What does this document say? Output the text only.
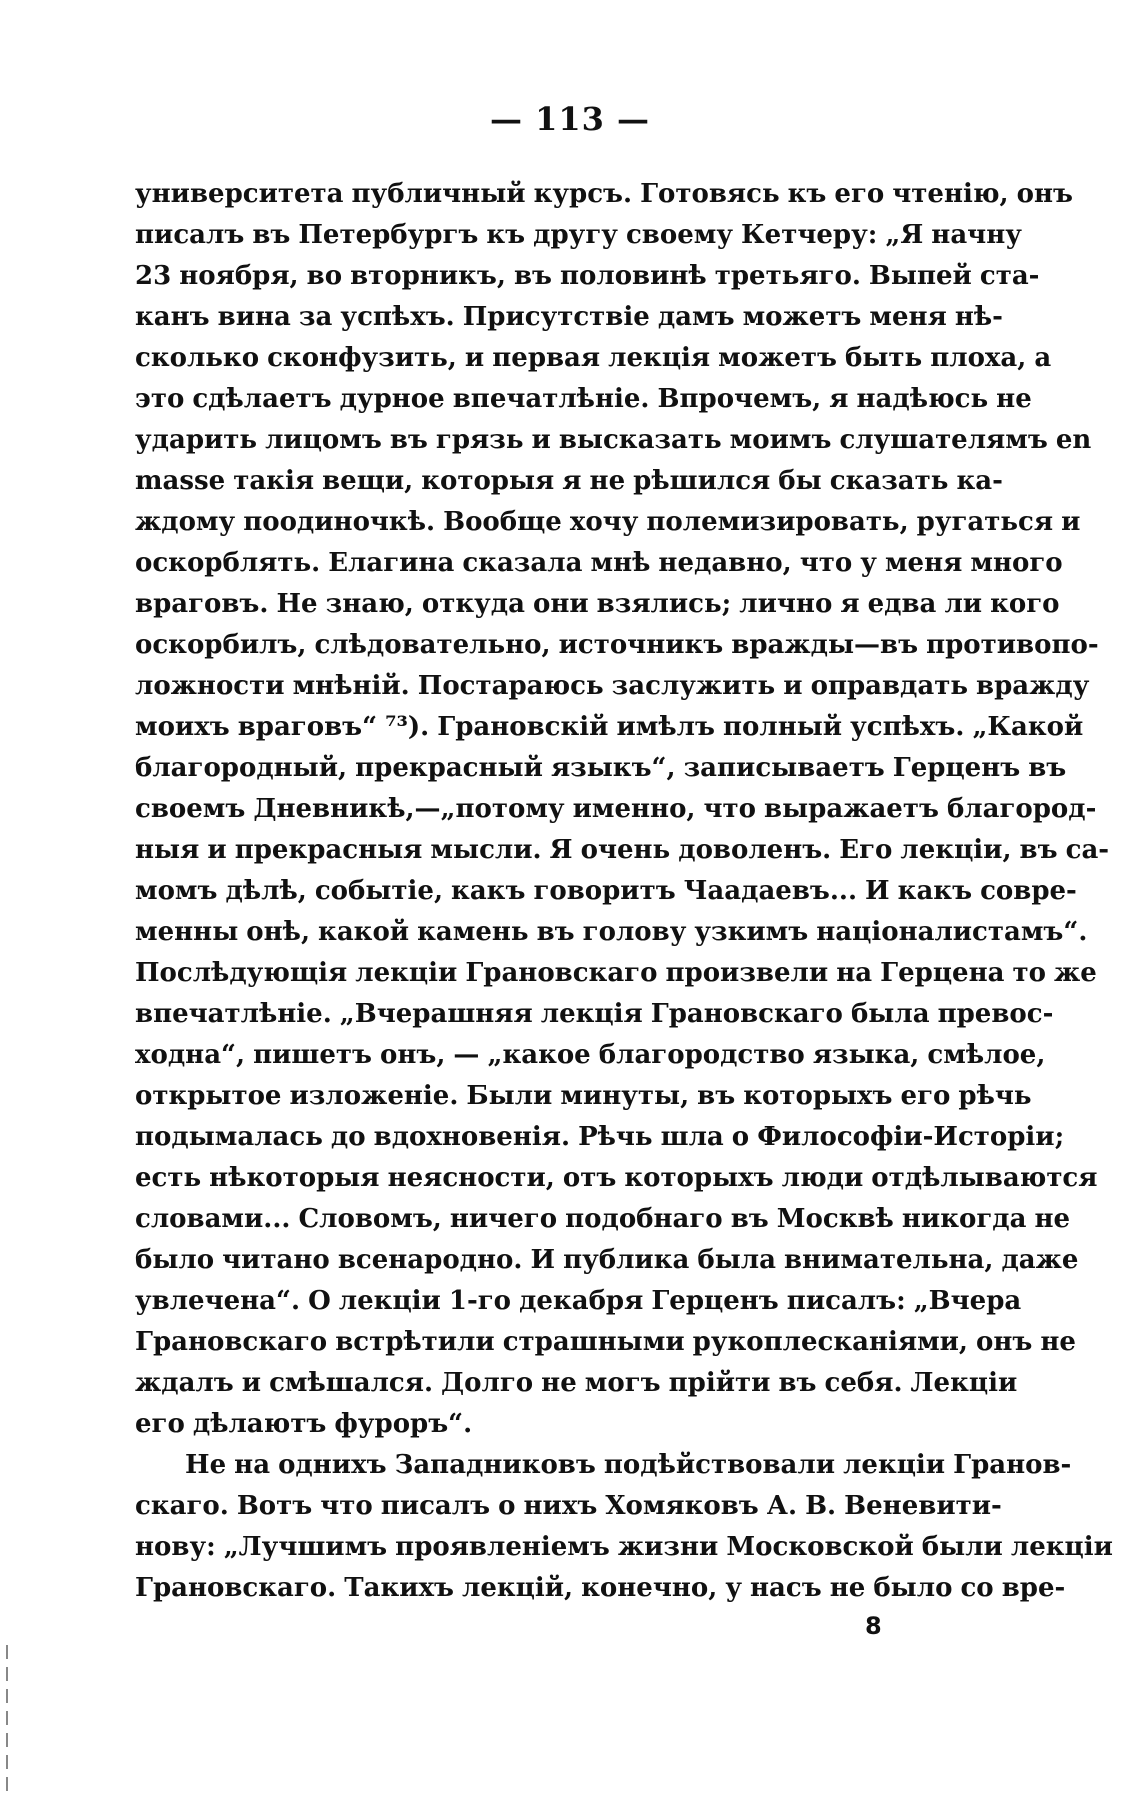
— 113 —
университета публичный курсъ. Готовясь къ его чтенію, онъ
писалъ въ Петербургъ къ другу своему Кетчеру: „Я начну
23 ноября, во вторникъ, въ половинѣ третьяго. Выпей ста-
канъ вина за успѣхъ. Присутствіе дамъ можетъ меня нѣ-
сколько сконфузить, и первая лекція можетъ быть плоха, а
это сдѣлаетъ дурное впечатлѣніе. Впрочемъ, я надѣюсь не
ударить лицомъ въ грязь и высказать моимъ слушателямъ en
masse такія вещи, которыя я не рѣшился бы сказать ка-
ждому поодиночкѣ. Вообще хочу полемизировать, ругаться и
оскорблять. Елагина сказала мнѣ недавно, что у меня много
враговъ. Не знаю, откуда они взялись; лично я едва ли кого
оскорбилъ, слѣдовательно, источникъ вражды—въ противопо-
ложности мнѣній. Постараюсь заслужить и оправдать вражду
моихъ враговъ“ ⁷³). Грановскій имѣлъ полный успѣхъ. „Какой
благородный, прекрасный языкъ“, записываетъ Герценъ въ
своемъ Дневникѣ,—„потому именно, что выражаетъ благород-
ныя и прекрасныя мысли. Я очень доволенъ. Его лекціи, въ са-
момъ дѣлѣ, событіе, какъ говоритъ Чаадаевъ... И какъ совре-
менны онѣ, какой камень въ голову узкимъ націоналистамъ“.
Послѣдующія лекціи Грановскаго произвели на Герцена то же
впечатлѣніе. „Вчерашняя лекція Грановскаго была превос-
ходна“, пишетъ онъ, — „какое благородство языка, смѣлое,
открытое изложеніе. Были минуты, въ которыхъ его рѣчь
подымалась до вдохновенія. Рѣчь шла о Философіи-Исторіи;
есть нѣкоторыя неясности, отъ которыхъ люди отдѣлываются
словами... Словомъ, ничего подобнаго въ Москвѣ никогда не
было читано всенародно. И публика была внимательна, даже
увлечена“. О лекціи 1-го декабря Герценъ писалъ: „Вчера
Грановскаго встрѣтили страшными рукоплесканіями, онъ не
ждалъ и смѣшался. Долго не могъ прійти въ себя. Лекціи
его дѣлаютъ фуроръ“.
Не на однихъ Западниковъ подѣйствовали лекціи Гранов-
скаго. Вотъ что писалъ о нихъ Хомяковъ А. В. Веневити-
нову: „Лучшимъ проявленіемъ жизни Московской были лекціи
Грановскаго. Такихъ лекцій, конечно, у насъ не было со вре-
8
